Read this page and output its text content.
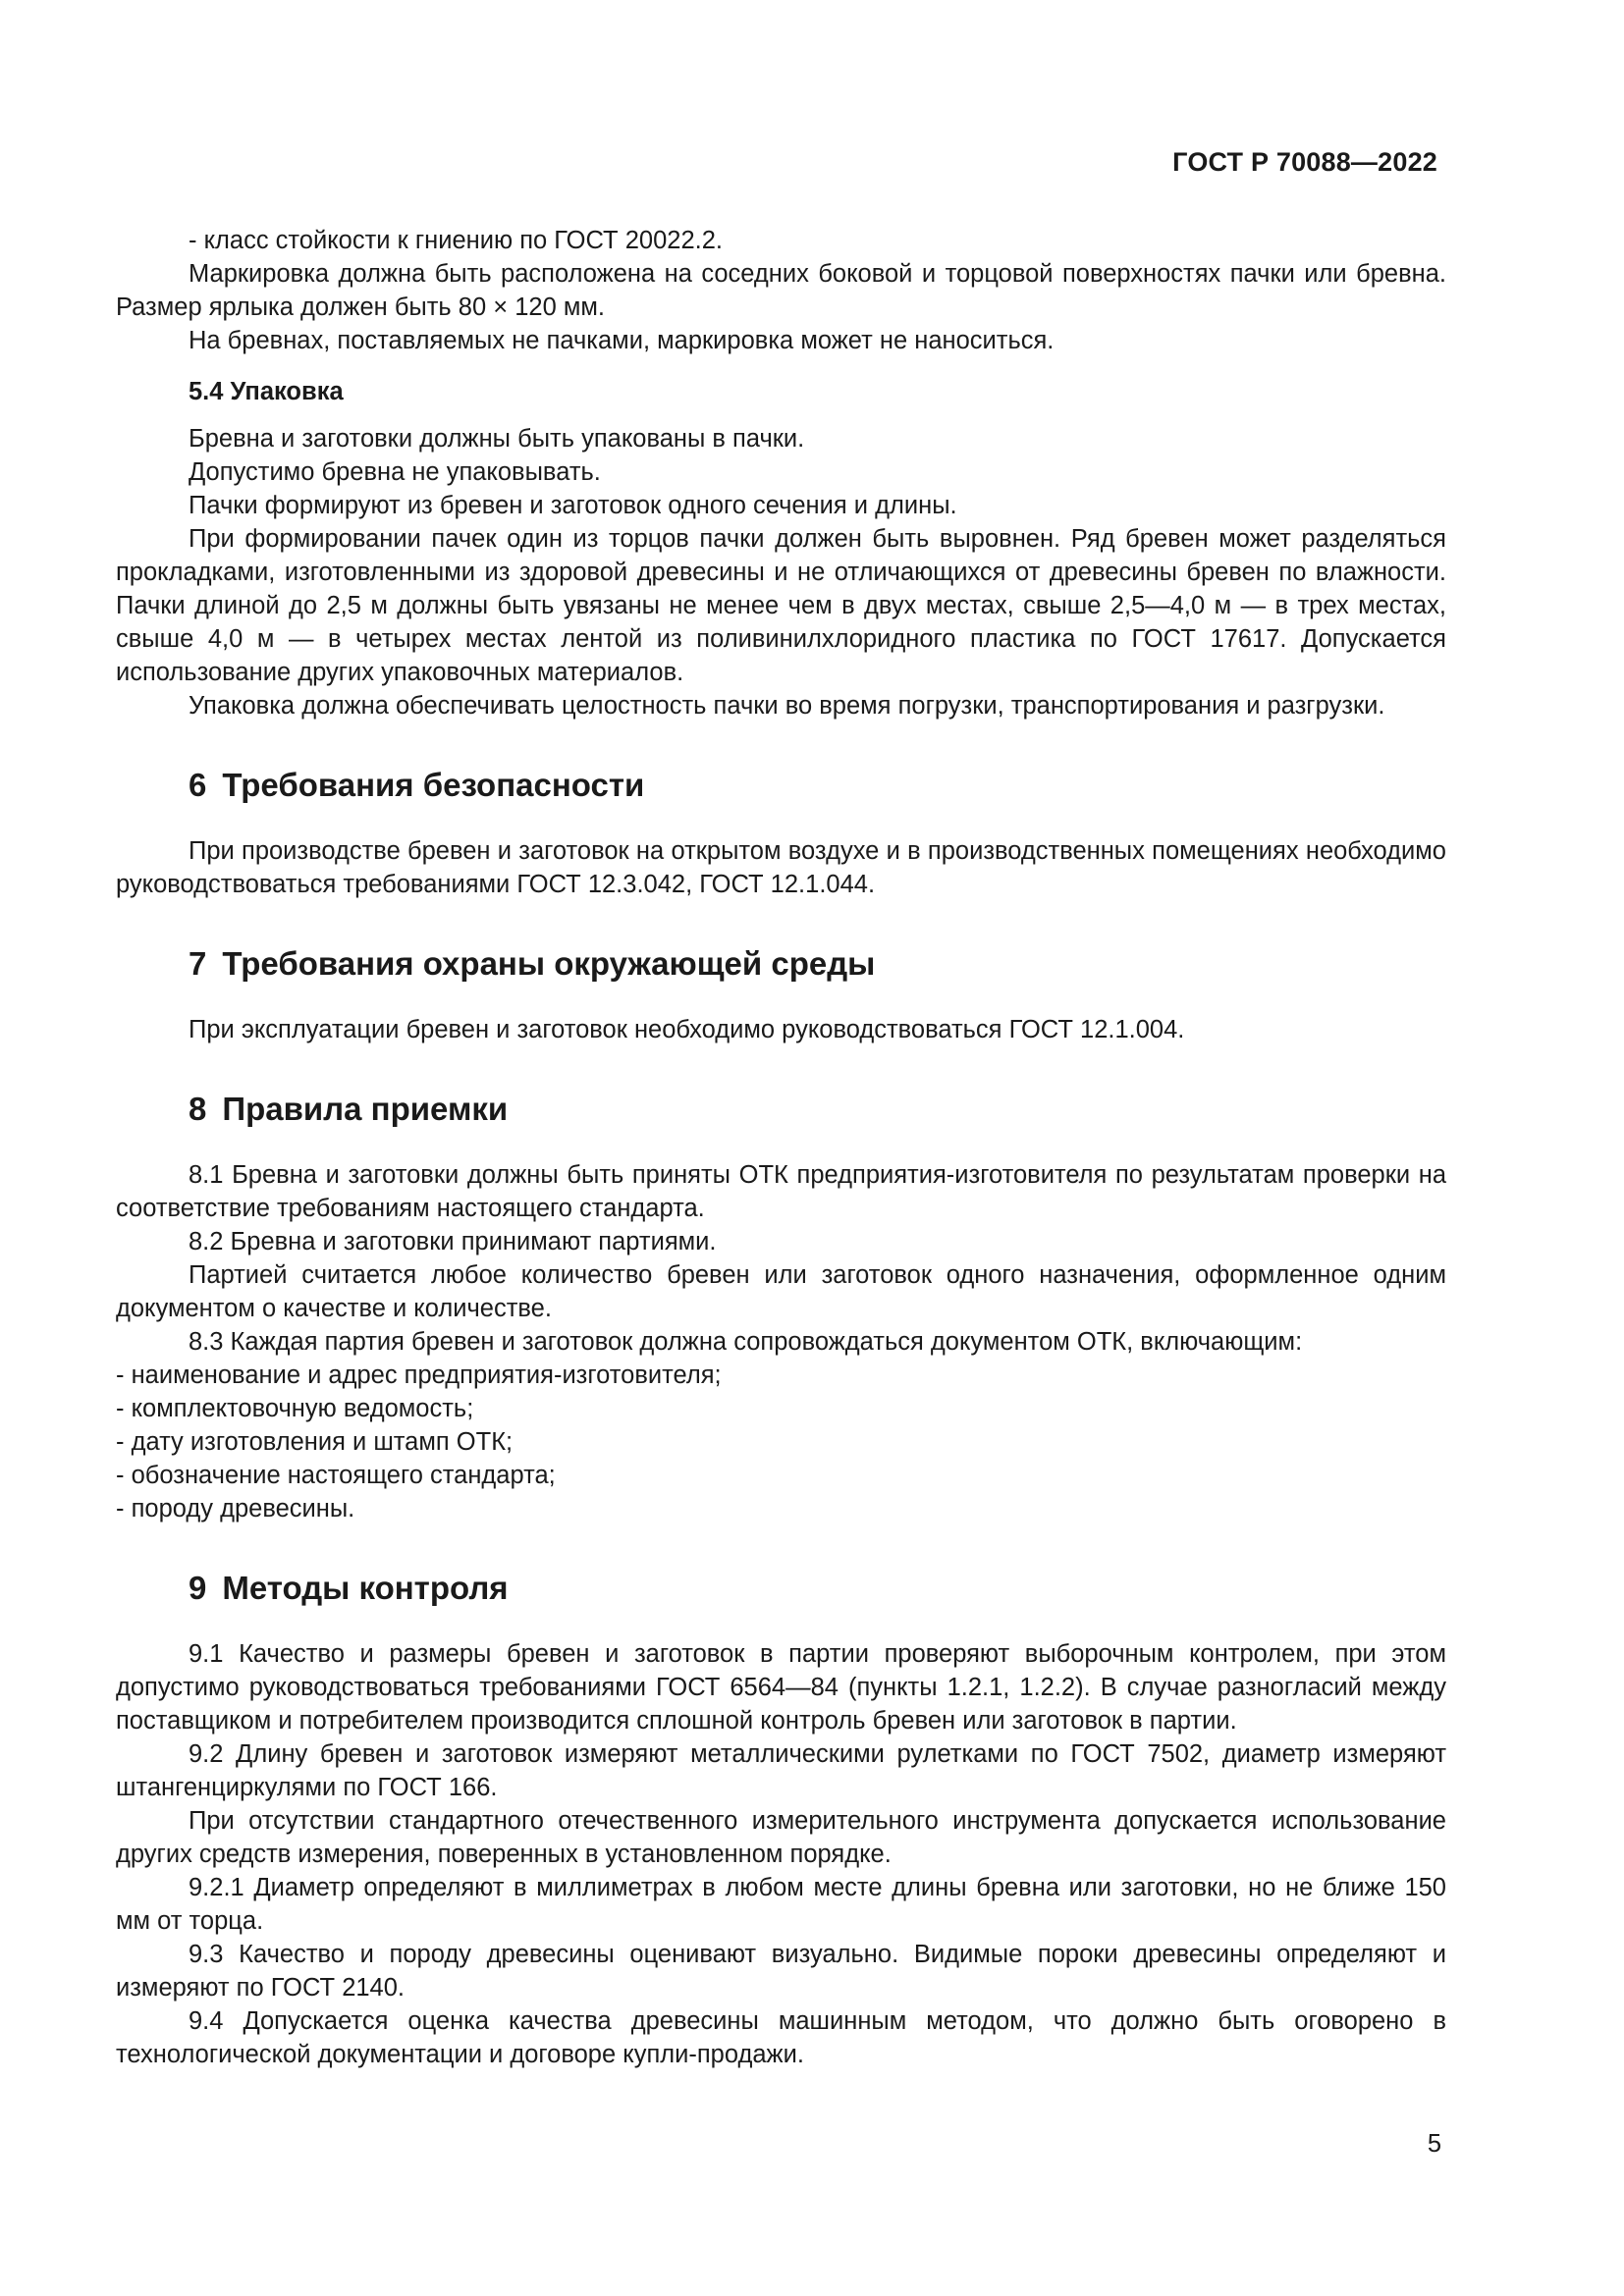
ГОСТ Р 70088—2022

- класс стойкости к гниению по ГОСТ 20022.2.

Маркировка должна быть расположена на соседних боковой и торцовой поверхностях пачки или бревна. Размер ярлыка должен быть 80 × 120 мм.

На бревнах, поставляемых не пачками, маркировка может не наноситься.

5.4 Упаковка

Бревна и заготовки должны быть упакованы в пачки.

Допустимо бревна не упаковывать.

Пачки формируют из бревен и заготовок одного сечения и длины.

При формировании пачек один из торцов пачки должен быть выровнен. Ряд бревен может разделяться прокладками, изготовленными из здоровой древесины и не отличающихся от древесины бревен по влажности. Пачки длиной до 2,5 м должны быть увязаны не менее чем в двух местах, свыше 2,5—4,0 м — в трех местах, свыше 4,0 м — в четырех местах лентой из поливинилхлоридного пластика по ГОСТ 17617. Допускается использование других упаковочных материалов.

Упаковка должна обеспечивать целостность пачки во время погрузки, транспортирования и разгрузки.

6 Требования безопасности

При производстве бревен и заготовок на открытом воздухе и в производственных помещениях необходимо руководствоваться требованиями ГОСТ 12.3.042, ГОСТ 12.1.044.

7 Требования охраны окружающей среды

При эксплуатации бревен и заготовок необходимо руководствоваться ГОСТ 12.1.004.

8 Правила приемки

8.1 Бревна и заготовки должны быть приняты ОТК предприятия-изготовителя по результатам проверки на соответствие требованиям настоящего стандарта.

8.2 Бревна и заготовки принимают партиями.

Партией считается любое количество бревен или заготовок одного назначения, оформленное одним документом о качестве и количестве.

8.3 Каждая партия бревен и заготовок должна сопровождаться документом ОТК, включающим:

- наименование и адрес предприятия-изготовителя;

- комплектовочную ведомость;

- дату изготовления и штамп ОТК;

- обозначение настоящего стандарта;

- породу древесины.

9 Методы контроля

9.1 Качество и размеры бревен и заготовок в партии проверяют выборочным контролем, при этом допустимо руководствоваться требованиями ГОСТ 6564—84 (пункты 1.2.1, 1.2.2). В случае разногласий между поставщиком и потребителем производится сплошной контроль бревен или заготовок в партии.

9.2 Длину бревен и заготовок измеряют металлическими рулетками по ГОСТ 7502, диаметр измеряют штангенциркулями по ГОСТ 166.

При отсутствии стандартного отечественного измерительного инструмента допускается использование других средств измерения, поверенных в установленном порядке.

9.2.1 Диаметр определяют в миллиметрах в любом месте длины бревна или заготовки, но не ближе 150 мм от торца.

9.3 Качество и породу древесины оценивают визуально. Видимые пороки древесины определяют и измеряют по ГОСТ 2140.

9.4 Допускается оценка качества древесины машинным методом, что должно быть оговорено в технологической документации и договоре купли-продажи.

5
